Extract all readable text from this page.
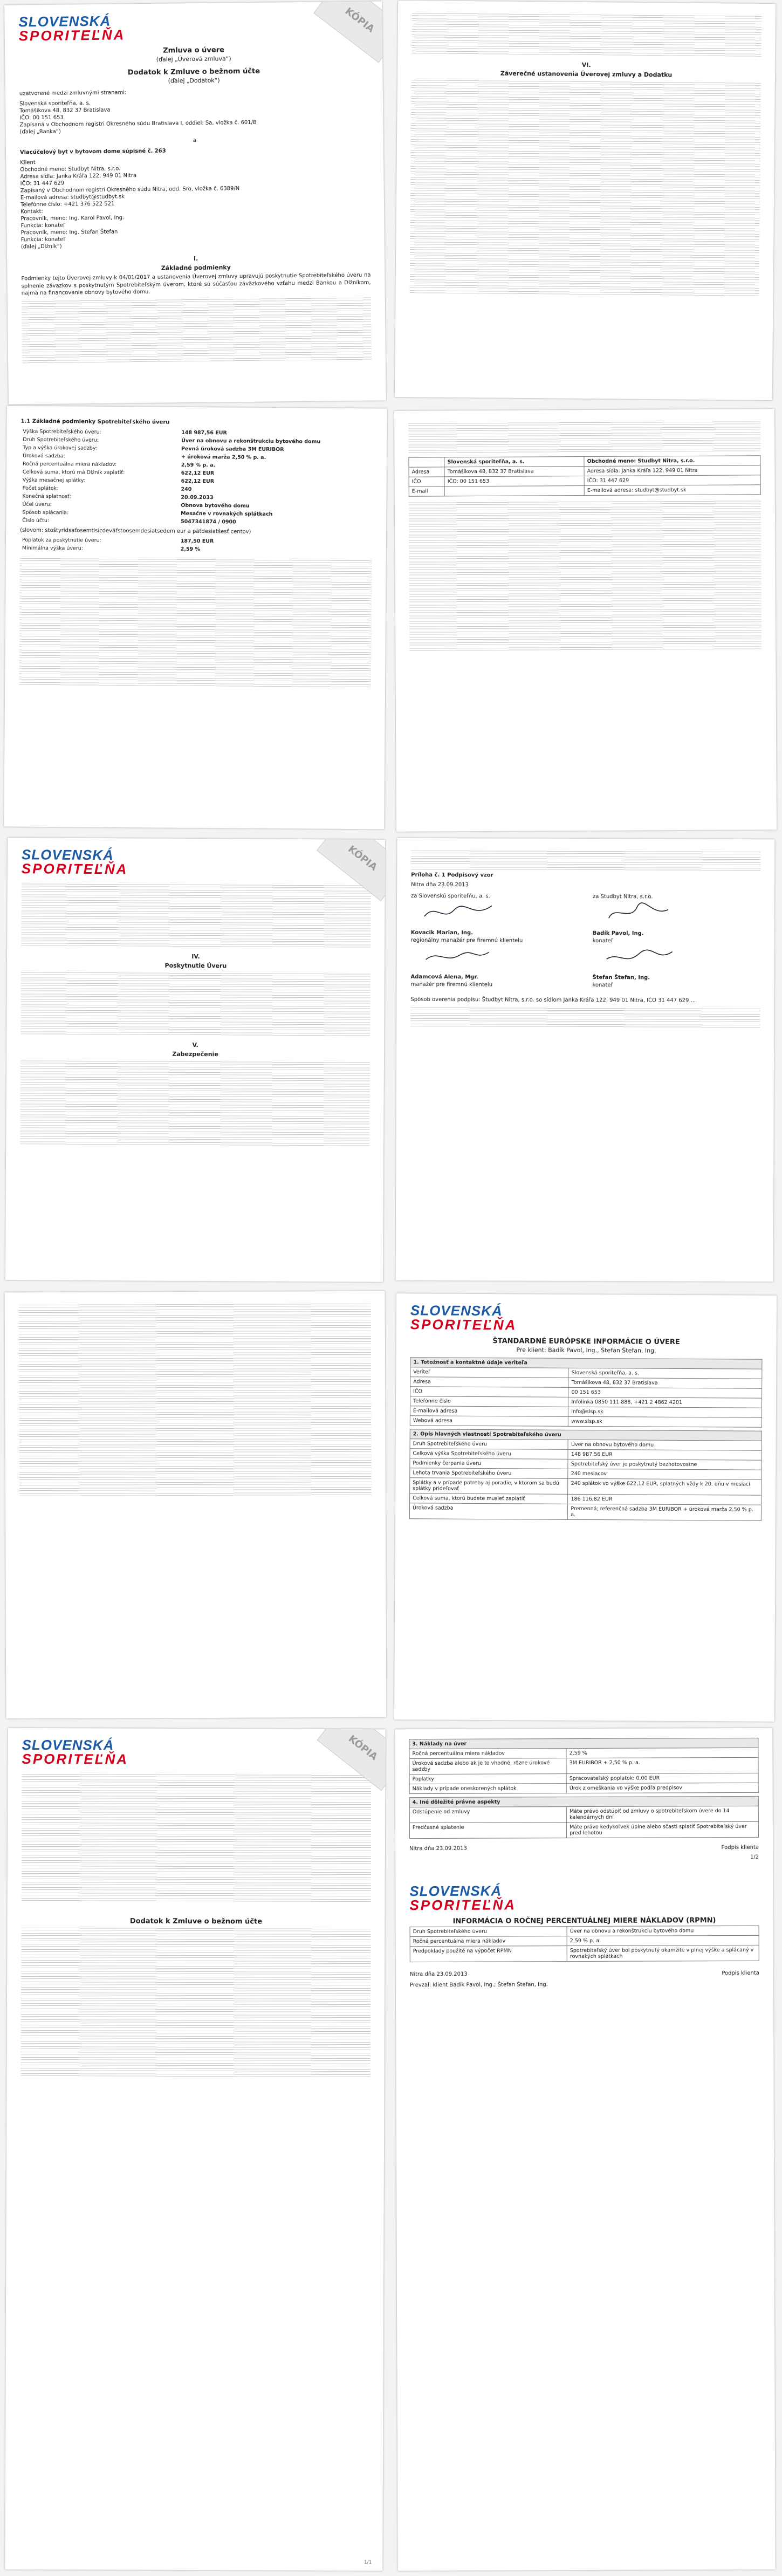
KÓPIA
SLOVENSKÁ
SPORITEĽŇA
Zmluva o úvere
(ďalej „Úverová zmluva“)
Dodatok k Zmluve o bežnom účte
(ďalej „Dodatok“)
uzatvorené medzi zmluvnými stranami:
Slovenská sporiteľňa, a. s.
Tomášikova 48, 832 37 Bratislava
IČO: 00 151 653
Zapísaná v Obchodnom registri Okresného súdu Bratislava I, oddiel: Sa, vložka č. 601/B
(ďalej „Banka“)
a
Viacúčelový byt v bytovom dome súpisné č. 263
Klient
Obchodné meno: Studbyt Nitra, s.r.o.
Adresa sídla: Janka Kráľa 122, 949 01 Nitra
IČO: 31 447 629
Zapísaný v Obchodnom registri Okresného súdu Nitra, odd. Sro, vložka č. 6389/N
E-mailová adresa: studbyt@studbyt.sk
Telefónne číslo: +421 376 522 521
Kontakt:
Pracovník, meno: Ing. Karol Pavol, Ing.
Funkcia: konateľ
Pracovník, meno: Ing. Štefan Štefan
Funkcia: konateľ
(ďalej „Dlžník“)
I.
Základné podmienky
Podmienky tejto Úverovej zmluvy k 04/01/2017 a ustanovenia Úverovej zmluvy upravujú poskytnutie Spotrebiteľského úveru na splnenie závazkov s poskytnutým Spotrebiteľským úverom, ktoré sú súčasťou záväzkového vzťahu medzi Bankou a Dlžníkom, najmä na financovanie obnovy bytového domu.
VI.
Záverečné ustanovenia Úverovej zmluvy a Dodatku
1.1 Základné podmienky Spotrebiteľského úveru
Výška Spotrebiteľského úveru:	148 987,56 EUR
Druh Spotrebiteľského úveru:	Úver na obnovu a rekonštrukciu bytového domu
Typ a výška úrokovej sadzby:	Pevná úroková sadzba 3M EURIBOR
Úroková sadzba:	+ úroková marža 2,50 % p. a.
Ročná percentuálna miera nákladov:	2,59 % p. a.
Celková suma, ktorú má Dlžník zaplatiť:	622,12 EUR
Výška mesačnej splátky:	622,12 EUR
Počet splátok:	240
Konečná splatnosť:	20.09.2033
Účel úveru:	Obnova bytového domu
Spôsob splácania:	Mesačne v rovnakých splátkach
Číslo účtu:	5047341874 / 0900
(slovom: stoštyridsaťosemtisícdeväťstoosemdesiatsedem eur a päťdesiatšesť centov)
Poplatok za poskytnutie úveru:	187,50 EUR
Minimálna výška úveru:	2,59 %
	Slovenská sporiteľňa, a. s.	Obchodné meno: Studbyt Nitra, s.r.o.
Adresa	Tomášikova 48, 832 37 Bratislava	Adresa sídla: Janka Kráľa 122, 949 01 Nitra
IČO	IČO: 00 151 653	IČO: 31 447 629
E-mail		E-mailová adresa: studbyt@studbyt.sk
KÓPIA
SLOVENSKÁ
SPORITEĽŇA
IV.
Poskytnutie Úveru
V.
Zabezpečenie
Príloha č. 1 Podpisový vzor
Nitra dňa 23.09.2013
za Slovenskú sporiteľňu, a. s.
Kovacik Marian, Ing.
regionálny manažér pre firemnú klientelu
Adamcová Alena, Mgr.
manažér pre firemnú klientelu
za Studbyt Nitra, s.r.o.
Badík Pavol, Ing.
konateľ
Štefan Štefan, Ing.
konateľ
Spôsob overenia podpisu: Študbyt Nitra, s.r.o. so sídlom Janka Kráľa 122, 949 01 Nitra, IČO 31 447 629 ...
SLOVENSKÁ
SPORITEĽŇA
ŠTANDARDNÉ EURÓPSKE INFORMÁCIE O ÚVERE
Pre klient: Badík Pavol, Ing., Štefan Štefan, Ing.
1. Totožnosť a kontaktné údaje veriteľa	
Veriteľ	Slovenská sporiteľňa, a. s.
Adresa	Tomášikova 48, 832 37 Bratislava
IČO	00 151 653
Telefónne číslo	Infolinka 0850 111 888, +421 2 4862 4201
E-mailová adresa	info@slsp.sk
Webová adresa	www.slsp.sk
2. Opis hlavných vlastností Spotrebiteľského úveru	
Druh Spotrebiteľského úveru	Úver na obnovu bytového domu
Celková výška Spotrebiteľského úveru	148 987,56 EUR
Podmienky čerpania úveru	Spotrebiteľský úver je poskytnutý bezhotovostne
Lehota trvania Spotrebiteľského úveru	240 mesiacov
Splátky a v prípade potreby aj poradie, v ktorom sa budú splátky prideľovať	240 splátok vo výške 622,12 EUR, splatných vždy k 20. dňu v mesiaci
Celková suma, ktorú budete musieť zaplatiť	186 116,82 EUR
Úroková sadzba	Premenná; referenčná sadzba 3M EURIBOR + úroková marža 2,50 % p. a.
KÓPIA
SLOVENSKÁ
SPORITEĽŇA
Dodatok k Zmluve o bežnom účte
1/1
3. Náklady na úver	
Ročná percentuálna miera nákladov	2,59 %
Úroková sadzba alebo ak je to vhodné, rôzne úrokové sadzby	3M EURIBOR + 2,50 % p. a.
Poplatky	Spracovateľský poplatok: 0,00 EUR
Náklady v prípade oneskorených splátok	Úrok z omeškania vo výške podľa predpisov
4. Iné dôležité právne aspekty	
Odstúpenie od zmluvy	Máte právo odstúpiť od zmluvy o spotrebiteľskom úvere do 14 kalendárnych dní
Predčasné splatenie	Máte právo kedykoľvek úplne alebo sčasti splatiť Spotrebiteľský úver pred lehotou
Nitra dňa 23.09.2013	Podpis klienta
1/2
SLOVENSKÁ
SPORITEĽŇA
INFORMÁCIA O ROČNEJ PERCENTUÁLNEJ MIERE NÁKLADOV (RPMN)
Druh Spotrebiteľského úveru	Úver na obnovu a rekonštrukciu bytového domu
Ročná percentuálna miera nákladov	2,59 % p. a.
Predpoklady použité na výpočet RPMN	Spotrebiteľský úver bol poskytnutý okamžite v plnej výške a splácaný v rovnakých splátkach
Nitra dňa 23.09.2013	Podpis klienta
Prevzal: klient Badík Pavol, Ing.; Štefan Štefan, Ing.
